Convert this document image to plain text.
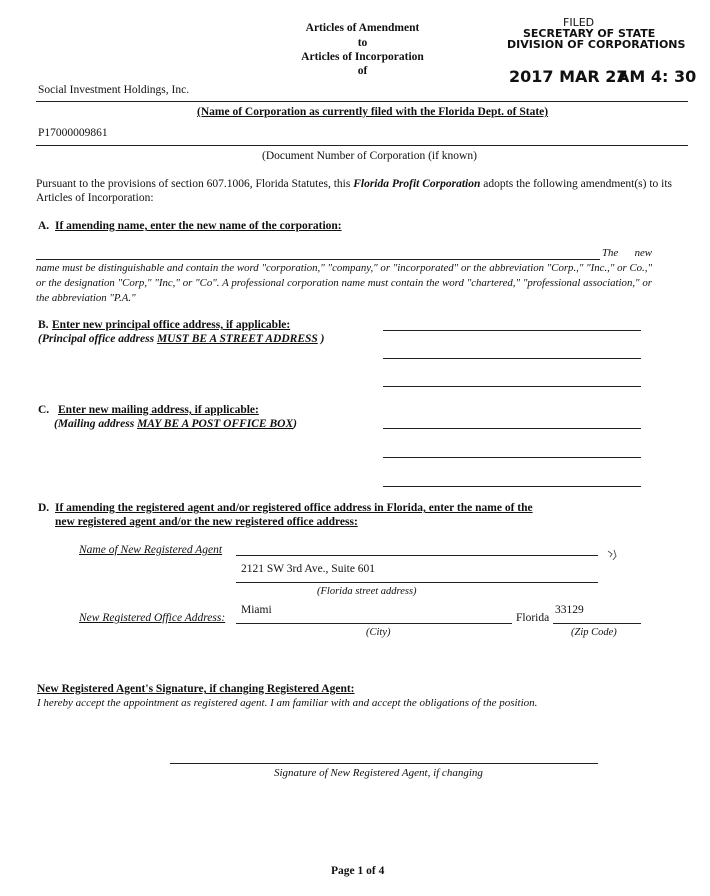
Articles of Amendment
to
Articles of Incorporation
of
FILED
SECRETARY OF STATE
DIVISION OF CORPORATIONS
2017 MAR 27
AM 4: 30
Social Investment Holdings, Inc.
(Name of Corporation as currently filed with the Florida Dept. of State)
P17000009861
(Document Number of Corporation (if known)
Pursuant to the provisions of section 607.1006, Florida Statutes, this Florida Profit Corporation adopts the following amendment(s) to its Articles of Incorporation:
A. If amending name, enter the new name of the corporation:
The new name must be distinguishable and contain the word "corporation," "company," or "incorporated" or the abbreviation "Corp.," "Inc.," or Co.," or the designation "Corp," "Inc," or "Co". A professional corporation name must contain the word "chartered," "professional association," or the abbreviation "P.A."
B. Enter new principal office address, if applicable:
(Principal office address MUST BE A STREET ADDRESS )
C. Enter new mailing address, if applicable:
(Mailing address MAY BE A POST OFFICE BOX)
D. If amending the registered agent and/or registered office address in Florida, enter the name of the
new registered agent and/or the new registered office address:
Name of New Registered Agent
2121 SW 3rd Ave., Suite 601
(Florida street address)
New Registered Office Address:
Miami
Florida
33129
(City)	(Zip Code)
New Registered Agent's Signature, if changing Registered Agent:
I hereby accept the appointment as registered agent. I am familiar with and accept the obligations of the position.
Signature of New Registered Agent, if changing
Page 1 of 4
